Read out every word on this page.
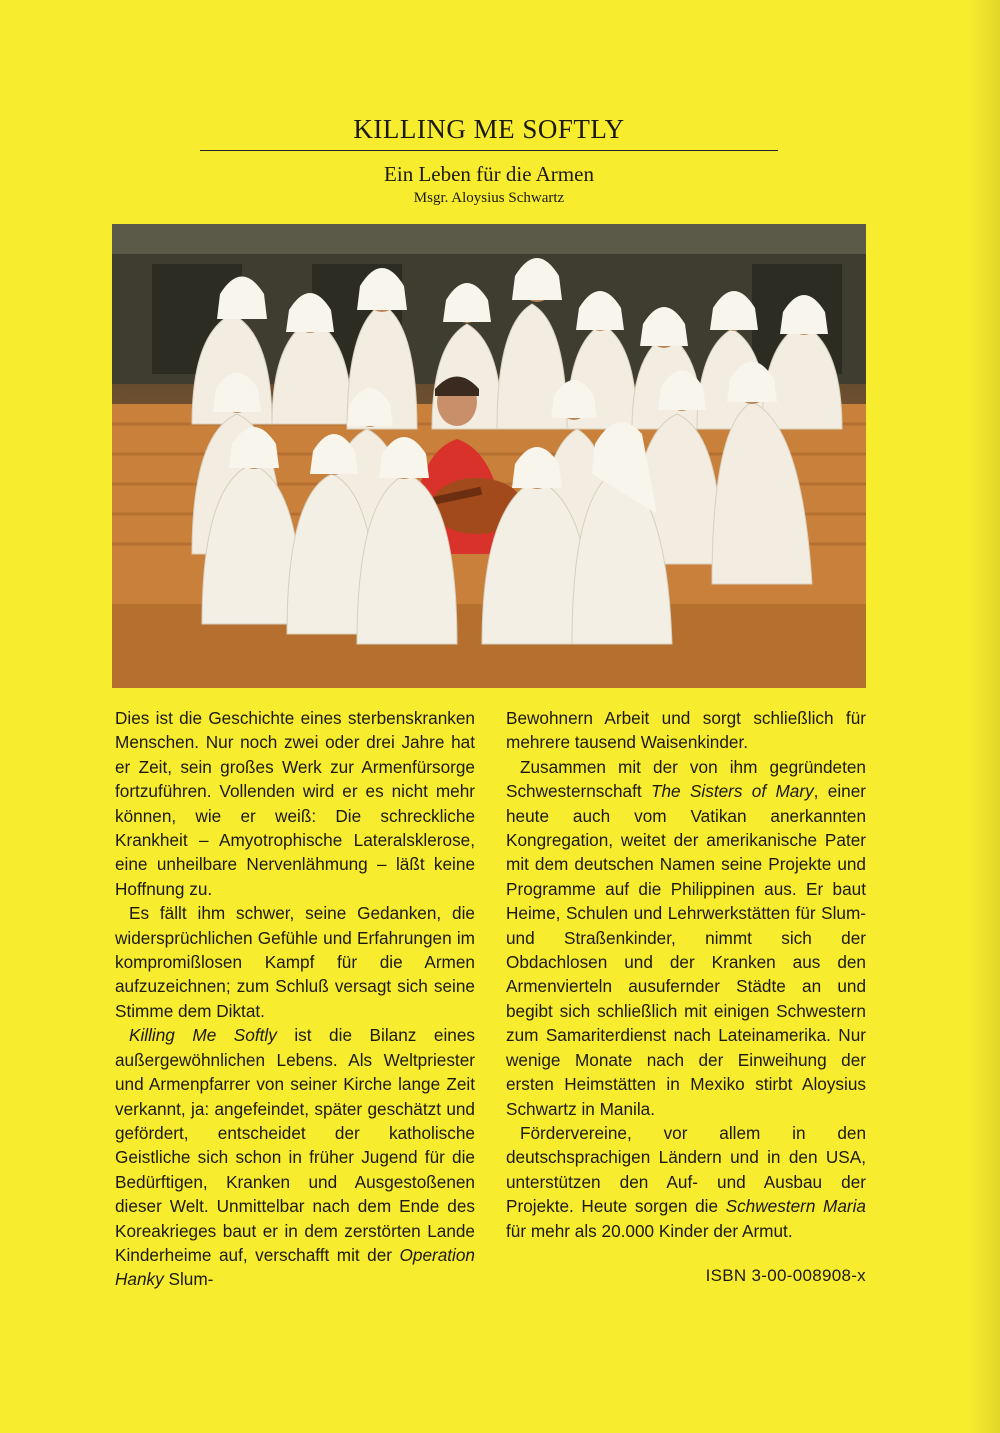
KILLING ME SOFTLY
Ein Leben für die Armen
Msgr. Aloysius Schwartz

Dies ist die Geschichte eines sterbenskranken Menschen. Nur noch zwei oder drei Jahre hat er Zeit, sein großes Werk zur Armenfürsorge fortzuführen. Vollenden wird er es nicht mehr können, wie er weiß: Die schreckliche Krankheit – Amyotrophische Lateralsklerose, eine unheilbare Nervenlähmung – läßt keine Hoffnung zu.

Es fällt ihm schwer, seine Gedanken, die widersprüchlichen Gefühle und Erfahrungen im kompromißlosen Kampf für die Armen aufzuzeichnen; zum Schluß versagt sich seine Stimme dem Diktat.

Killing Me Softly ist die Bilanz eines außergewöhnlichen Lebens. Als Weltpriester und Armenpfarrer von seiner Kirche lange Zeit verkannt, ja: angefeindet, später geschätzt und gefördert, entscheidet der katholische Geistliche sich schon in früher Jugend für die Bedürftigen, Kranken und Ausgestoßenen dieser Welt. Unmittelbar nach dem Ende des Koreakrieges baut er in dem zerstörten Lande Kinderheime auf, verschafft mit der Operation Hanky Slum-

Bewohnern Arbeit und sorgt schließlich für mehrere tausend Waisenkinder.

Zusammen mit der von ihm gegründeten Schwesternschaft The Sisters of Mary, einer heute auch vom Vatikan anerkannten Kongregation, weitet der amerikanische Pater mit dem deutschen Namen seine Projekte und Programme auf die Philippinen aus. Er baut Heime, Schulen und Lehrwerkstätten für Slum- und Straßenkinder, nimmt sich der Obdachlosen und der Kranken aus den Armenvierteln ausufernder Städte an und begibt sich schließlich mit einigen Schwestern zum Samariterdienst nach Lateinamerika. Nur wenige Monate nach der Einweihung der ersten Heimstätten in Mexiko stirbt Aloysius Schwartz in Manila.

Fördervereine, vor allem in den deutschsprachigen Ländern und in den USA, unterstützen den Auf- und Ausbau der Projekte. Heute sorgen die Schwestern Maria für mehr als 20.000 Kinder der Armut.

ISBN 3-00-008908-x
